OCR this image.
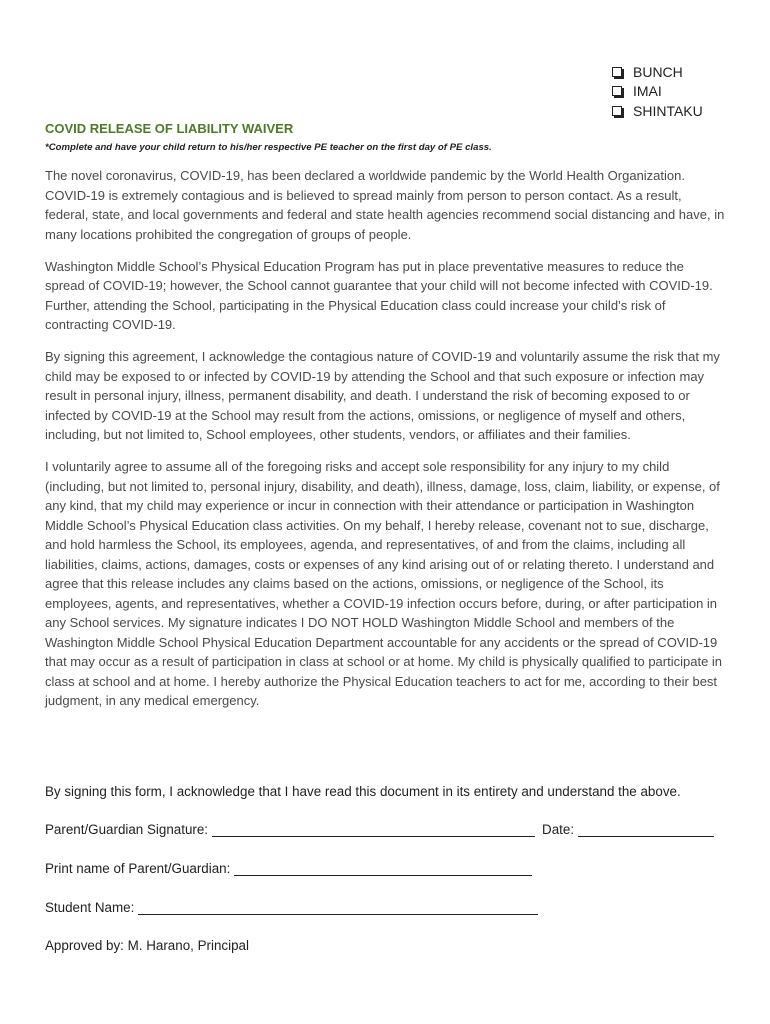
BUNCH
IMAI
SHINTAKU
COVID RELEASE OF LIABILITY WAIVER

*Complete and have your child return to his/her respective PE teacher on the first day of PE class.

The novel coronavirus, COVID-19, has been declared a worldwide pandemic by the World Health Organization. COVID-19 is extremely contagious and is believed to spread mainly from person to person contact. As a result, federal, state, and local governments and federal and state health agencies recommend social distancing and have, in many locations prohibited the congregation of groups of people.

Washington Middle School’s Physical Education Program has put in place preventative measures to reduce the spread of COVID-19; however, the School cannot guarantee that your child will not become infected with COVID-19. Further, attending the School, participating in the Physical Education class could increase your child’s risk of contracting COVID-19.

By signing this agreement, I acknowledge the contagious nature of COVID-19 and voluntarily assume the risk that my child may be exposed to or infected by COVID-19 by attending the School and that such exposure or infection may result in personal injury, illness, permanent disability, and death. I understand the risk of becoming exposed to or infected by COVID-19 at the School may result from the actions, omissions, or negligence of myself and others, including, but not limited to, School employees, other students, vendors, or affiliates and their families.

I voluntarily agree to assume all of the foregoing risks and accept sole responsibility for any injury to my child (including, but not limited to, personal injury, disability, and death), illness, damage, loss, claim, liability, or expense, of any kind, that my child may experience or incur in connection with their attendance or participation in Washington Middle School’s Physical Education class activities. On my behalf, I hereby release, covenant not to sue, discharge, and hold harmless the School, its employees, agenda, and representatives, of and from the claims, including all liabilities, claims, actions, damages, costs or expenses of any kind arising out of or relating thereto. I understand and agree that this release includes any claims based on the actions, omissions, or negligence of the School, its employees, agents, and representatives, whether a COVID-19 infection occurs before, during, or after participation in any School services. My signature indicates I DO NOT HOLD Washington Middle School and members of the Washington Middle School Physical Education Department accountable for any accidents or the spread of COVID-19 that may occur as a result of participation in class at school or at home. My child is physically qualified to participate in class at school and at home. I hereby authorize the Physical Education teachers to act for me, according to their best judgment, in any medical emergency.

By signing this form, I acknowledge that I have read this document in its entirety and understand the above.

Parent/Guardian Signature:	Date:
Print name of Parent/Guardian:
Student Name:

Approved by: M. Harano, Principal
